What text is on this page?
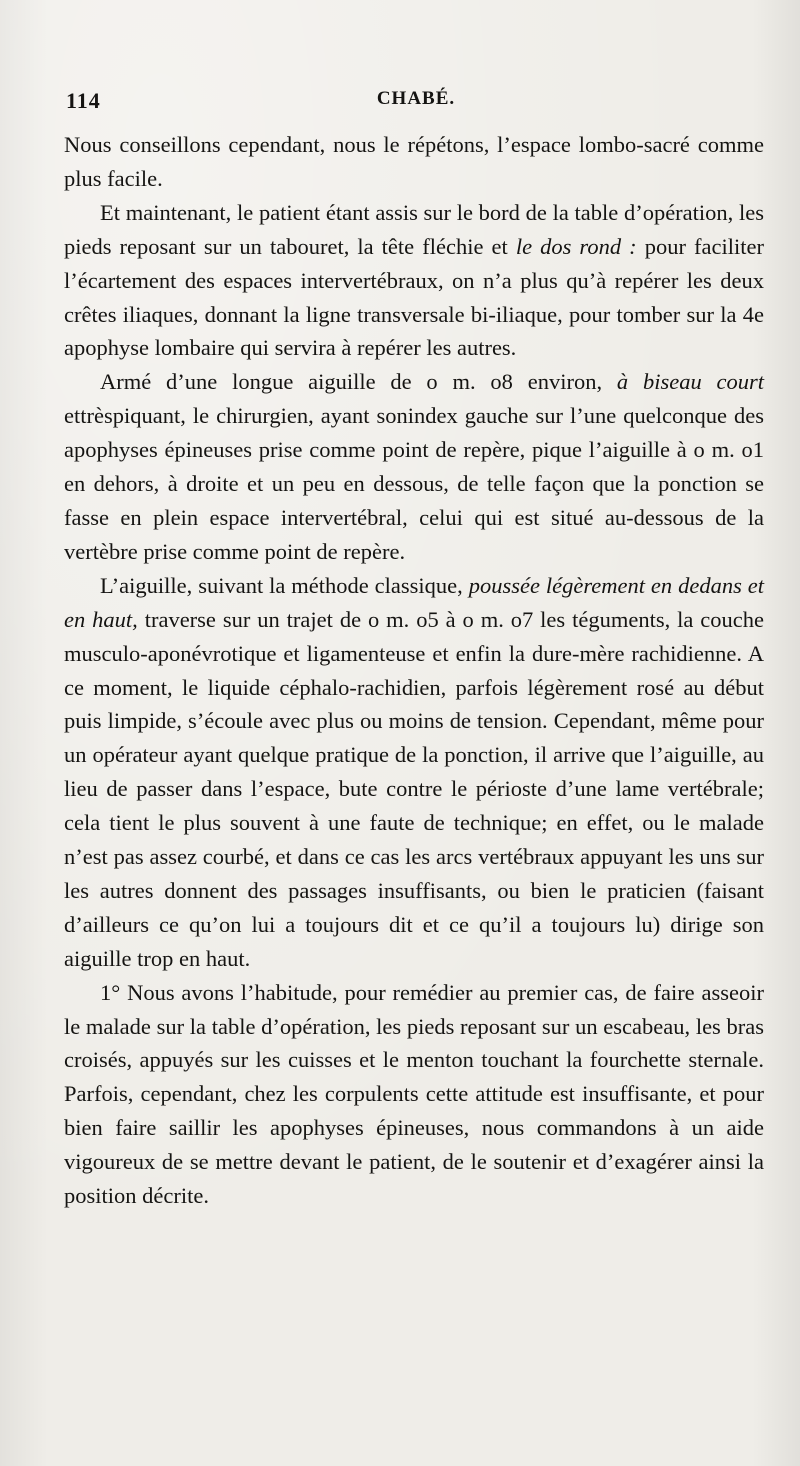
114	CHABÉ.

Nous conseillons cependant, nous le répétons, l’espace lombo-sacré comme plus facile.

Et maintenant, le patient étant assis sur le bord de la table d’opération, les pieds reposant sur un tabouret, la tête fléchie et le dos rond : pour faciliter l’écartement des espaces intervertébraux, on n’a plus qu’à repérer les deux crêtes iliaques, donnant la ligne transversale bi-iliaque, pour tomber sur la 4e apophyse lombaire qui servira à repérer les autres.

Armé d’une longue aiguille de o m. o8 environ, à biseau court ettrèspiquant, le chirurgien, ayant sonindex gauche sur l’une quelconque des apophyses épineuses prise comme point de repère, pique l’aiguille à o m. o1 en dehors, à droite et un peu en dessous, de telle façon que la ponction se fasse en plein espace intervertébral, celui qui est situé au-dessous de la vertèbre prise comme point de repère.

L’aiguille, suivant la méthode classique, poussée légèrement en dedans et en haut, traverse sur un trajet de o m. o5 à o m. o7 les téguments, la couche musculo-aponévrotique et ligamenteuse et enfin la dure-mère rachidienne. A ce moment, le liquide céphalo-rachidien, parfois légèrement rosé au début puis limpide, s’écoule avec plus ou moins de tension. Cependant, même pour un opérateur ayant quelque pratique de la ponction, il arrive que l’aiguille, au lieu de passer dans l’espace, bute contre le périoste d’une lame vertébrale; cela tient le plus souvent à une faute de technique; en effet, ou le malade n’est pas assez courbé, et dans ce cas les arcs vertébraux appuyant les uns sur les autres donnent des passages insuffisants, ou bien le praticien (faisant d’ailleurs ce qu’on lui a toujours dit et ce qu’il a toujours lu) dirige son aiguille trop en haut.

1° Nous avons l’habitude, pour remédier au premier cas, de faire asseoir le malade sur la table d’opération, les pieds reposant sur un escabeau, les bras croisés, appuyés sur les cuisses et le menton touchant la fourchette sternale. Parfois, cependant, chez les corpulents cette attitude est insuffisante, et pour bien faire saillir les apophyses épineuses, nous commandons à un aide vigoureux de se mettre devant le patient, de le soutenir et d’exagérer ainsi la position décrite.
